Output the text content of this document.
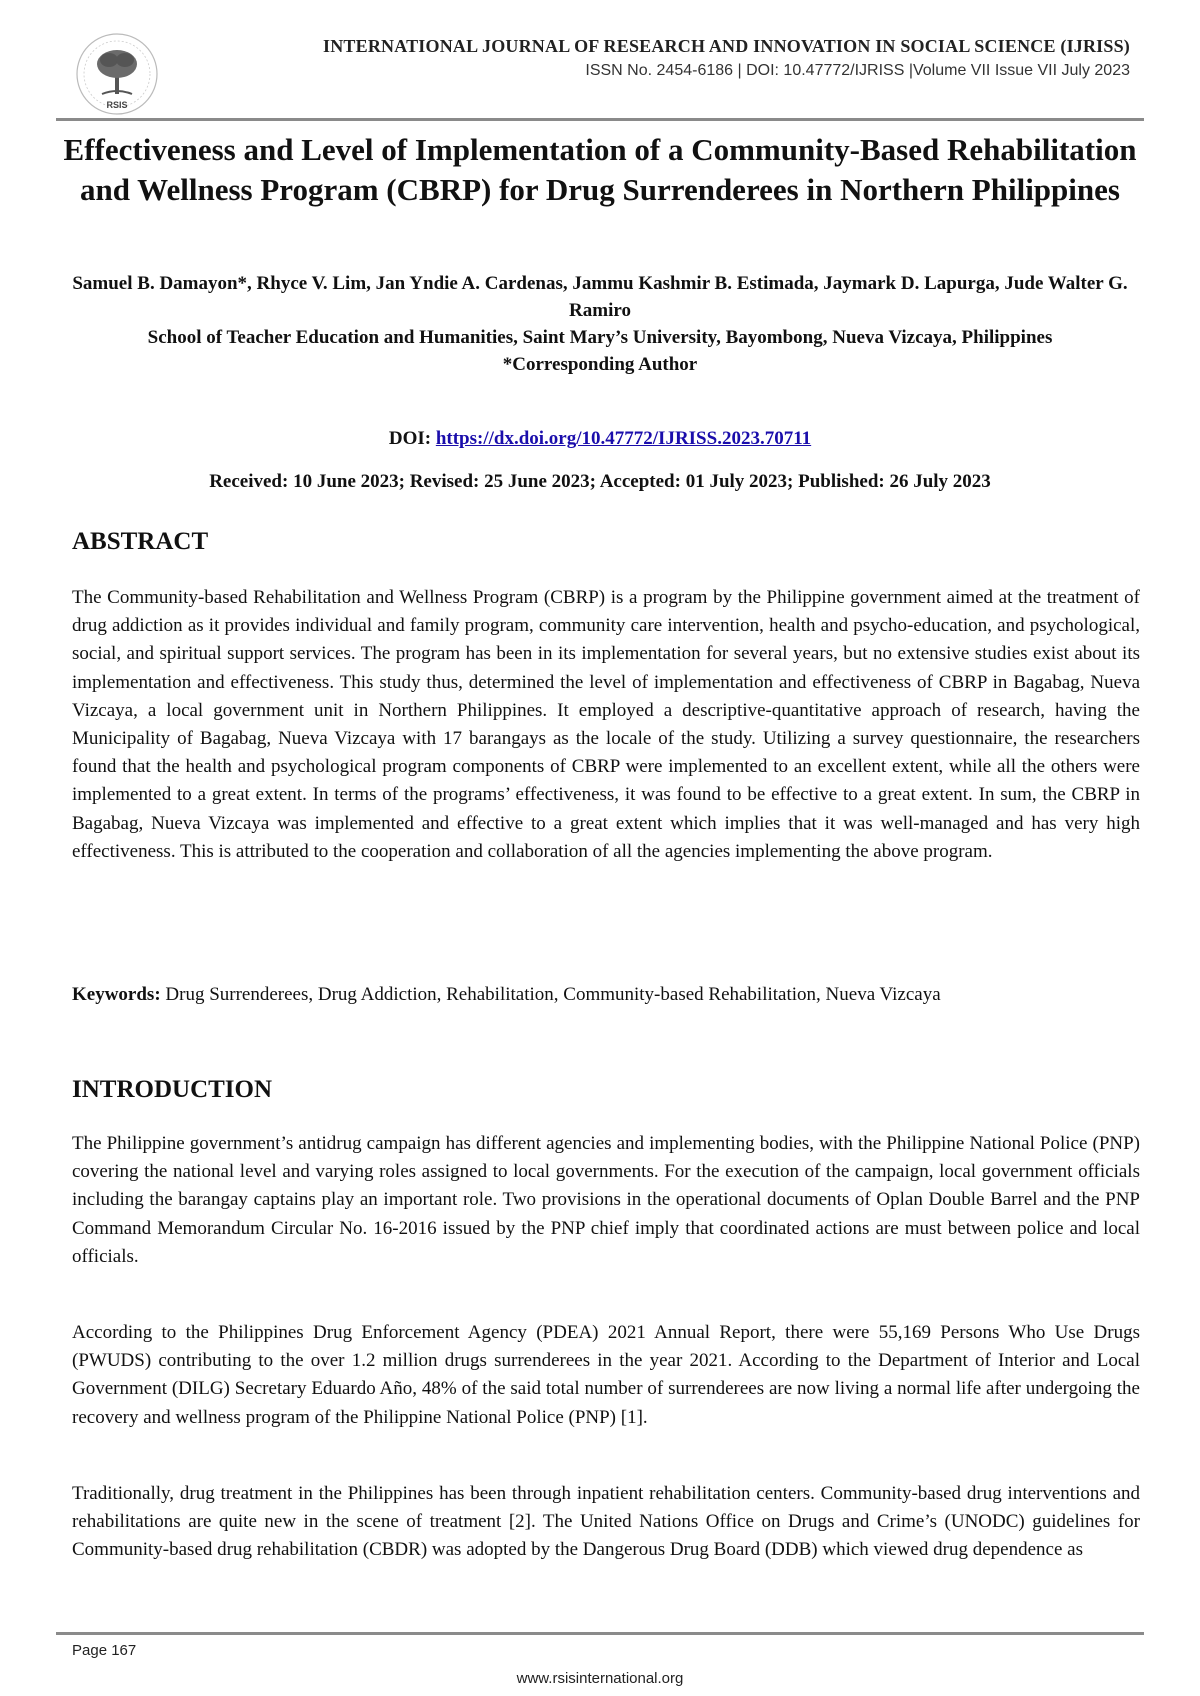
RSIS
INTERNATIONAL JOURNAL OF RESEARCH AND INNOVATION IN SOCIAL SCIENCE (IJRISS)
ISSN No. 2454-6186 | DOI: 10.47772/IJRISS |Volume VII Issue VII July 2023
Effectiveness and Level of Implementation of a Community-Based Rehabilitation and Wellness Program (CBRP) for Drug Surrenderees in Northern Philippines
Samuel B. Damayon*, Rhyce V. Lim, Jan Yndie A. Cardenas, Jammu Kashmir B. Estimada, Jaymark D. Lapurga, Jude Walter G. Ramiro
School of Teacher Education and Humanities, Saint Mary’s University, Bayombong, Nueva Vizcaya, Philippines
*Corresponding Author
DOI: https://dx.doi.org/10.47772/IJRISS.2023.70711
Received: 10 June 2023; Revised: 25 June 2023; Accepted: 01 July 2023; Published: 26 July 2023
ABSTRACT
The Community-based Rehabilitation and Wellness Program (CBRP) is a program by the Philippine government aimed at the treatment of drug addiction as it provides individual and family program, community care intervention, health and psycho-education, and psychological, social, and spiritual support services. The program has been in its implementation for several years, but no extensive studies exist about its implementation and effectiveness. This study thus, determined the level of implementation and effectiveness of CBRP in Bagabag, Nueva Vizcaya, a local government unit in Northern Philippines. It employed a descriptive-quantitative approach of research, having the Municipality of Bagabag, Nueva Vizcaya with 17 barangays as the locale of the study. Utilizing a survey questionnaire, the researchers found that the health and psychological program components of CBRP were implemented to an excellent extent, while all the others were implemented to a great extent. In terms of the programs’ effectiveness, it was found to be effective to a great extent. In sum, the CBRP in Bagabag, Nueva Vizcaya was implemented and effective to a great extent which implies that it was well-managed and has very high effectiveness. This is attributed to the cooperation and collaboration of all the agencies implementing the above program.
Keywords: Drug Surrenderees, Drug Addiction, Rehabilitation, Community-based Rehabilitation, Nueva Vizcaya
INTRODUCTION
The Philippine government’s antidrug campaign has different agencies and implementing bodies, with the Philippine National Police (PNP) covering the national level and varying roles assigned to local governments. For the execution of the campaign, local government officials including the barangay captains play an important role. Two provisions in the operational documents of Oplan Double Barrel and the PNP Command Memorandum Circular No. 16-2016 issued by the PNP chief imply that coordinated actions are must between police and local officials.
According to the Philippines Drug Enforcement Agency (PDEA) 2021 Annual Report, there were 55,169 Persons Who Use Drugs (PWUDS) contributing to the over 1.2 million drugs surrenderees in the year 2021. According to the Department of Interior and Local Government (DILG) Secretary Eduardo Año, 48% of the said total number of surrenderees are now living a normal life after undergoing the recovery and wellness program of the Philippine National Police (PNP) [1].
Traditionally, drug treatment in the Philippines has been through inpatient rehabilitation centers. Community-based drug interventions and rehabilitations are quite new in the scene of treatment [2]. The United Nations Office on Drugs and Crime’s (UNODC) guidelines for Community-based drug rehabilitation (CBDR) was adopted by the Dangerous Drug Board (DDB) which viewed drug dependence as
Page 167
www.rsisinternational.org
